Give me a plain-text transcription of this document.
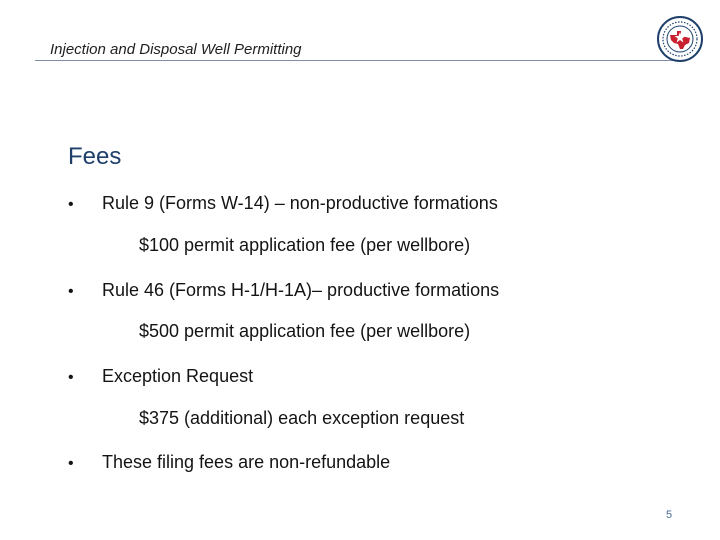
Injection and Disposal Well Permitting
Fees
• Rule 9 (Forms W-14) – non-productive formations
$100 permit application fee (per wellbore)
• Rule 46 (Forms H-1/H-1A)– productive formations
$500 permit application fee (per wellbore)
• Exception Request
$375 (additional) each exception request
• These filing fees are non-refundable
5
